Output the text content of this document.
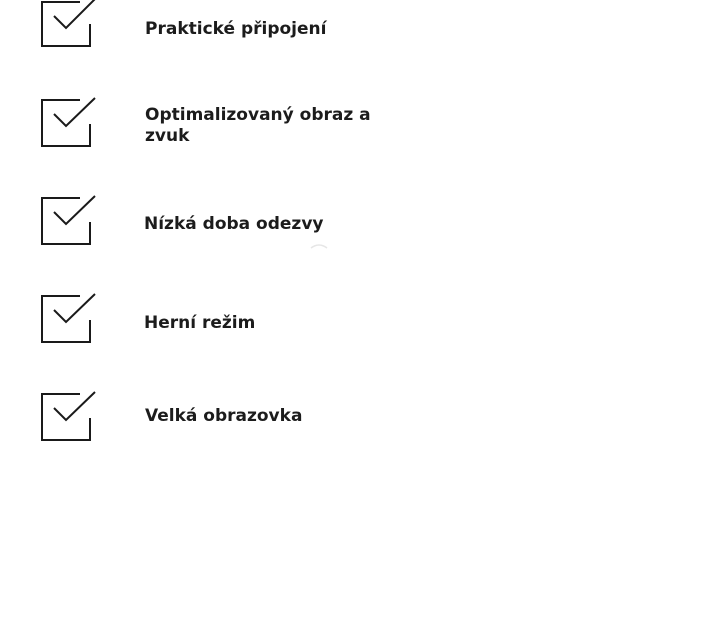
Praktické připojení
Optimalizovaný obraz a zvuk
Nízká doba odezvy
Herní režim
Velká obrazovka
